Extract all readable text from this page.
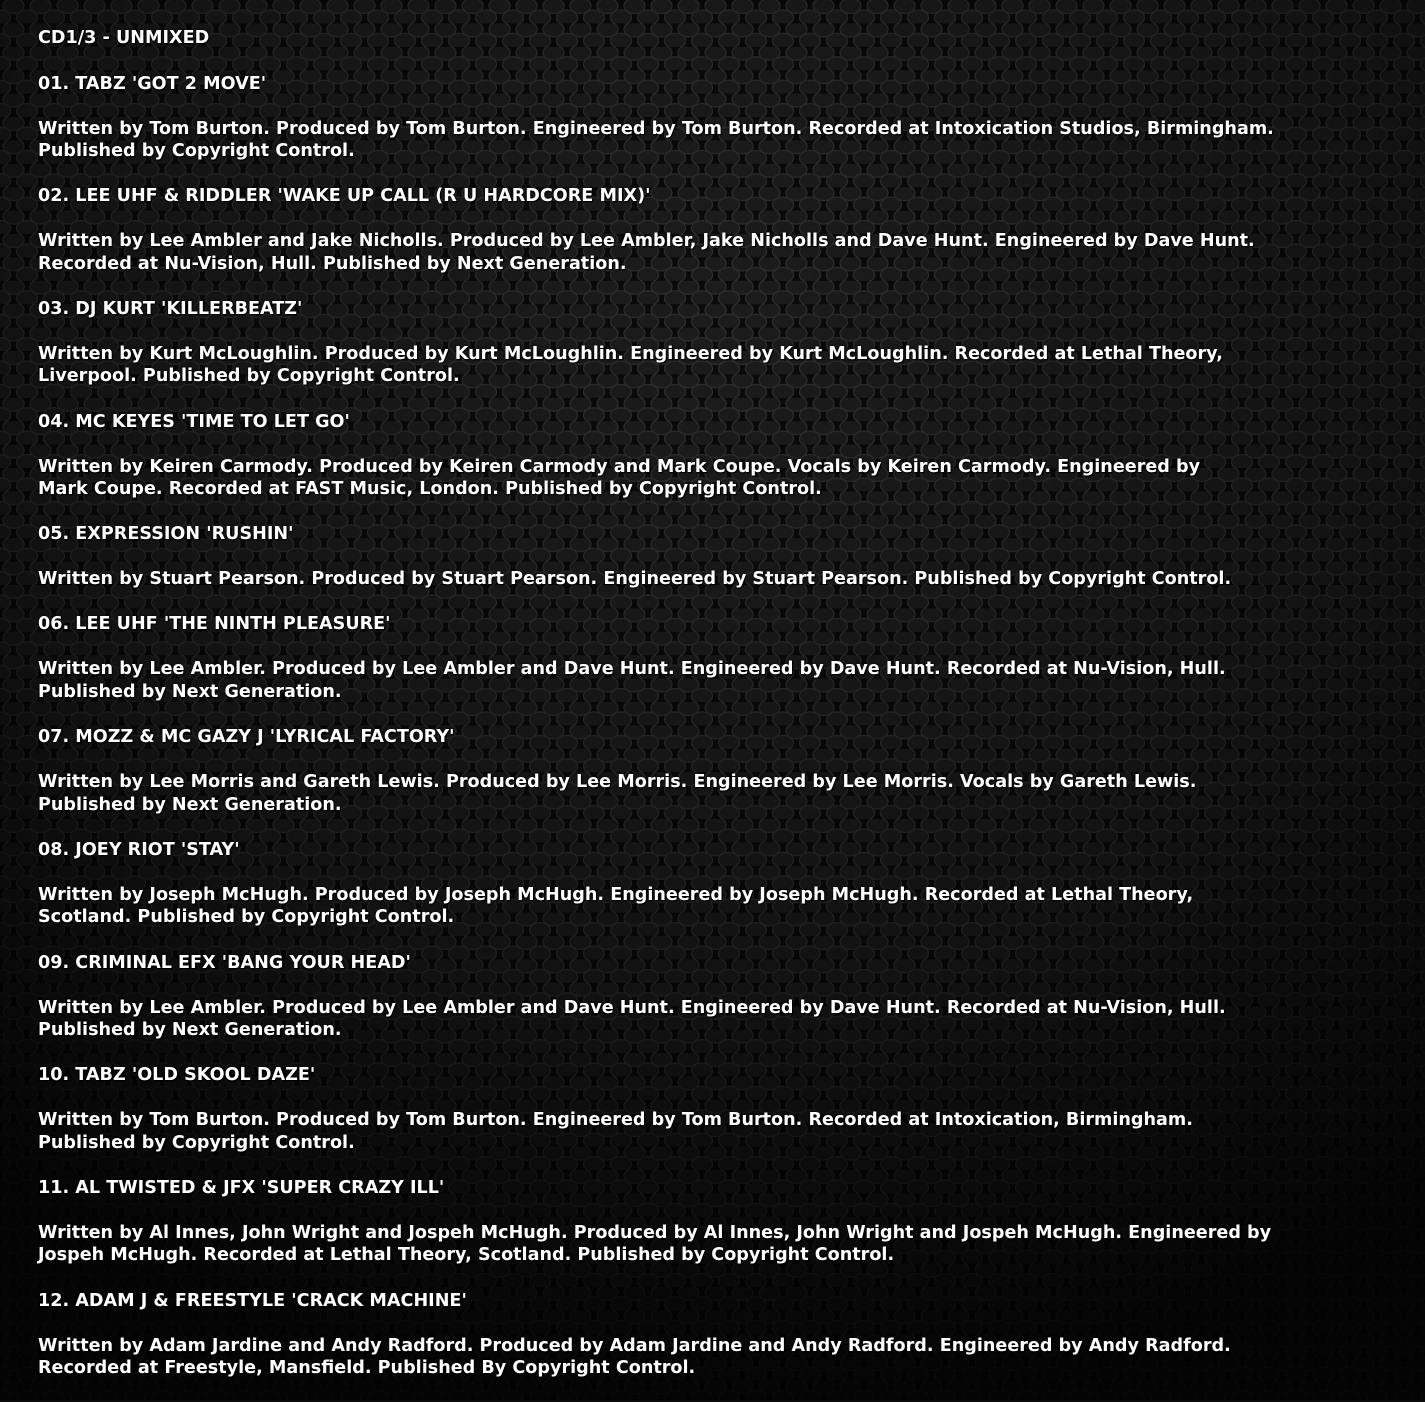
CD1/3 - UNMIXED
01. TABZ 'GOT 2 MOVE'
Written by Tom Burton. Produced by Tom Burton. Engineered by Tom Burton. Recorded at Intoxication Studios, Birmingham.
Published by Copyright Control.
02. LEE UHF & RIDDLER 'WAKE UP CALL (R U HARDCORE MIX)'
Written by Lee Ambler and Jake Nicholls. Produced by Lee Ambler, Jake Nicholls and Dave Hunt. Engineered by Dave Hunt.
Recorded at Nu-Vision, Hull. Published by Next Generation.
03. DJ KURT 'KILLERBEATZ'
Written by Kurt McLoughlin. Produced by Kurt McLoughlin. Engineered by Kurt McLoughlin. Recorded at Lethal Theory,
Liverpool. Published by Copyright Control.
04. MC KEYES 'TIME TO LET GO'
Written by Keiren Carmody. Produced by Keiren Carmody and Mark Coupe. Vocals by Keiren Carmody. Engineered by
Mark Coupe. Recorded at FAST Music, London. Published by Copyright Control.
05. EXPRESSION 'RUSHIN'
Written by Stuart Pearson. Produced by Stuart Pearson. Engineered by Stuart Pearson. Published by Copyright Control.
06. LEE UHF 'THE NINTH PLEASURE'
Written by Lee Ambler. Produced by Lee Ambler and Dave Hunt. Engineered by Dave Hunt. Recorded at Nu-Vision, Hull.
Published by Next Generation.
07. MOZZ & MC GAZY J 'LYRICAL FACTORY'
Written by Lee Morris and Gareth Lewis. Produced by Lee Morris. Engineered by Lee Morris. Vocals by Gareth Lewis.
Published by Next Generation.
08. JOEY RIOT 'STAY'
Written by Joseph McHugh. Produced by Joseph McHugh. Engineered by Joseph McHugh. Recorded at Lethal Theory,
Scotland. Published by Copyright Control.
09. CRIMINAL EFX 'BANG YOUR HEAD'
Written by Lee Ambler. Produced by Lee Ambler and Dave Hunt. Engineered by Dave Hunt. Recorded at Nu-Vision, Hull.
Published by Next Generation.
10. TABZ 'OLD SKOOL DAZE'
Written by Tom Burton. Produced by Tom Burton. Engineered by Tom Burton. Recorded at Intoxication, Birmingham.
Published by Copyright Control.
11. AL TWISTED & JFX 'SUPER CRAZY ILL'
Written by Al Innes, John Wright and Jospeh McHugh. Produced by Al Innes, John Wright and Jospeh McHugh. Engineered by
Jospeh McHugh. Recorded at Lethal Theory, Scotland. Published by Copyright Control.
12. ADAM J & FREESTYLE 'CRACK MACHINE'
Written by Adam Jardine and Andy Radford. Produced by Adam Jardine and Andy Radford. Engineered by Andy Radford.
Recorded at Freestyle, Mansfield. Published By Copyright Control.
